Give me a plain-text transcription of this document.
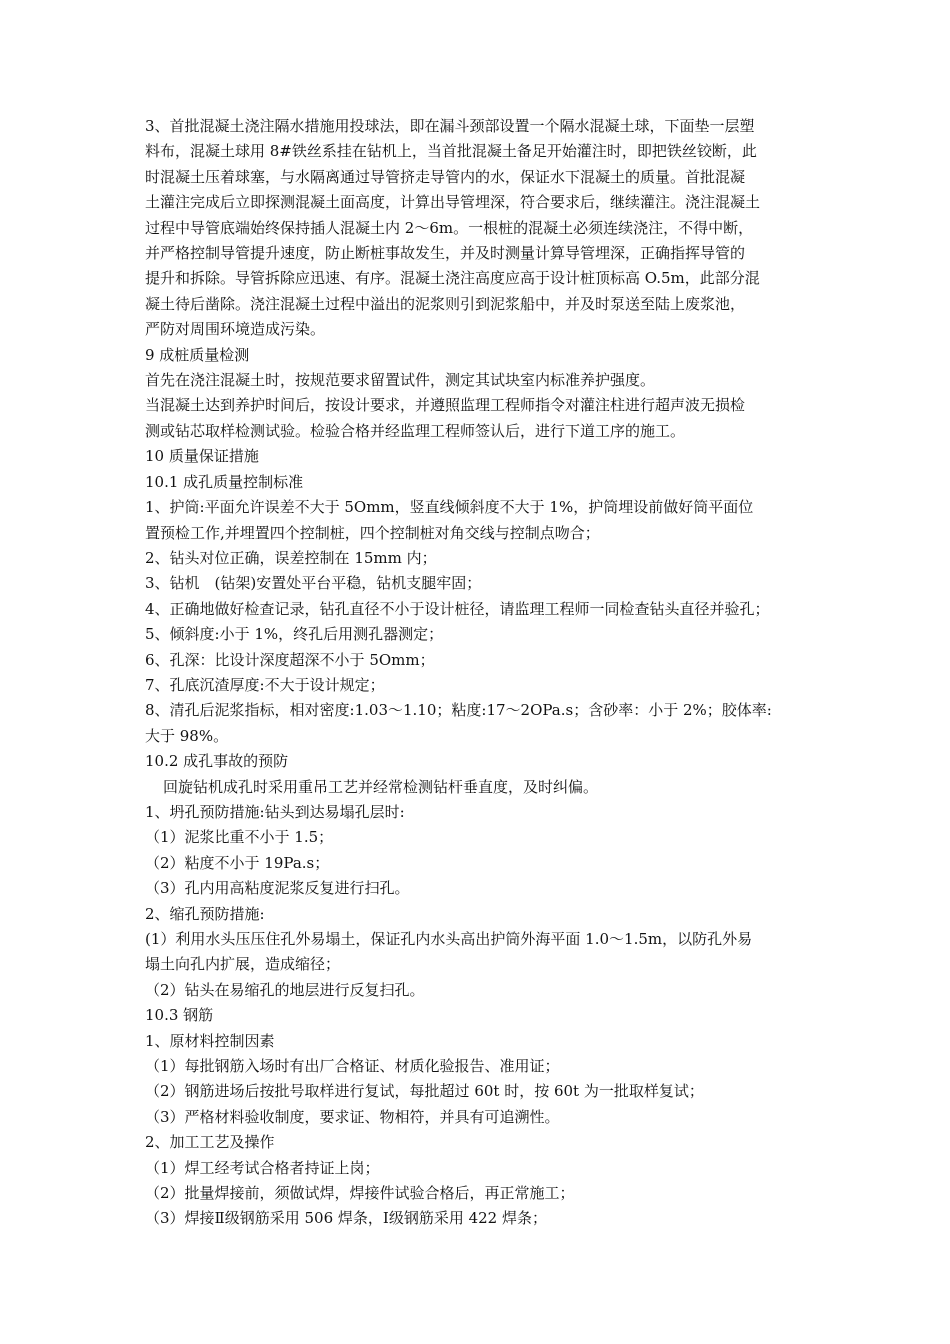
3、首批混凝土浇注隔水措施用投球法，即在漏斗颈部设置一个隔水混凝土球，下面垫一层塑
料布，混凝土球用 8#铁丝系挂在钻机上，当首批混凝土备足开始灌注时，即把铁丝铰断，此
时混凝土压着球塞，与水隔离通过导管挤走导管内的水，保证水下混凝土的质量。首批混凝
土灌注完成后立即探测混凝土面高度，计算出导管埋深，符合要求后，继续灌注。浇注混凝土
过程中导管底端始终保持插人混凝土内 2～6m。一根桩的混凝土必须连续浇注，不得中断，
并严格控制导管提升速度，防止断桩事故发生，并及时测量计算导管埋深，正确指挥导管的
提升和拆除。导管拆除应迅速、有序。混凝土浇注高度应高于设计桩顶标高 O.5m，此部分混
凝土待后凿除。浇注混凝土过程中溢出的泥浆则引到泥浆船中，并及时泵送至陆上废浆池，
严防对周围环境造成污染。
9 成桩质量检测
首先在浇注混凝土时，按规范要求留置试件，测定其试块室内标准养护强度。
当混凝土达到养护时间后，按设计要求，并遵照监理工程师指令对灌注柱进行超声波无损检
测或钻芯取样检测试验。检验合格并经监理工程师签认后，进行下道工序的施工。
10 质量保证措施
10.1 成孔质量控制标准
1、护筒:平面允许误差不大于 5Omm，竖直线倾斜度不大于 1%，护筒埋设前做好筒平面位
置预检工作,并埋置四个控制桩，四个控制桩对角交线与控制点吻合；
2、钻头对位正确，误差控制在 15mm 内；
3、钻机　(钻架)安置处平台平稳，钻机支腿牢固；
4、正确地做好检查记录，钻孔直径不小于设计桩径，请监理工程师一同检查钻头直径并验孔；
5、倾斜度:小于 1%，终孔后用测孔器测定；
6、孔深：比设计深度超深不小于 5Omm；
7、孔底沉渣厚度:不大于设计规定；
8、清孔后泥浆指标，相对密度:1.03～1.10；粘度:17～2OPa.s；含砂率：小于 2%；胶体率:
大于 98%。
10.2 成孔事故的预防
回旋钻机成孔时采用重吊工艺并经常检测钻杆垂直度，及时纠偏。
1、坍孔预防措施:钻头到达易塌孔层时:
（1）泥浆比重不小于 1.5；
（2）粘度不小于 19Pa.s；
（3）孔内用高粘度泥浆反复进行扫孔。
2、缩孔预防措施:
(1）利用水头压压住孔外易塌土，保证孔内水头高出护筒外海平面 1.0～1.5m，以防孔外易
塌土向孔内扩展，造成缩径；
（2）钻头在易缩孔的地层进行反复扫孔。
10.3 钢筋
1、原材料控制因素
（1）每批钢筋入场时有出厂合格证、材质化验报告、准用证；
（2）钢筋进场后按批号取样进行复试，每批超过 60t 时，按 60t 为一批取样复试；
（3）严格材料验收制度，要求证、物相符，并具有可追溯性。
2、加工工艺及操作
（1）焊工经考试合格者持证上岗；
（2）批量焊接前，须做试焊，焊接件试验合格后，再正常施工；
（3）焊接Ⅱ级钢筋采用 506 焊条，Ⅰ级钢筋采用 422 焊条；
